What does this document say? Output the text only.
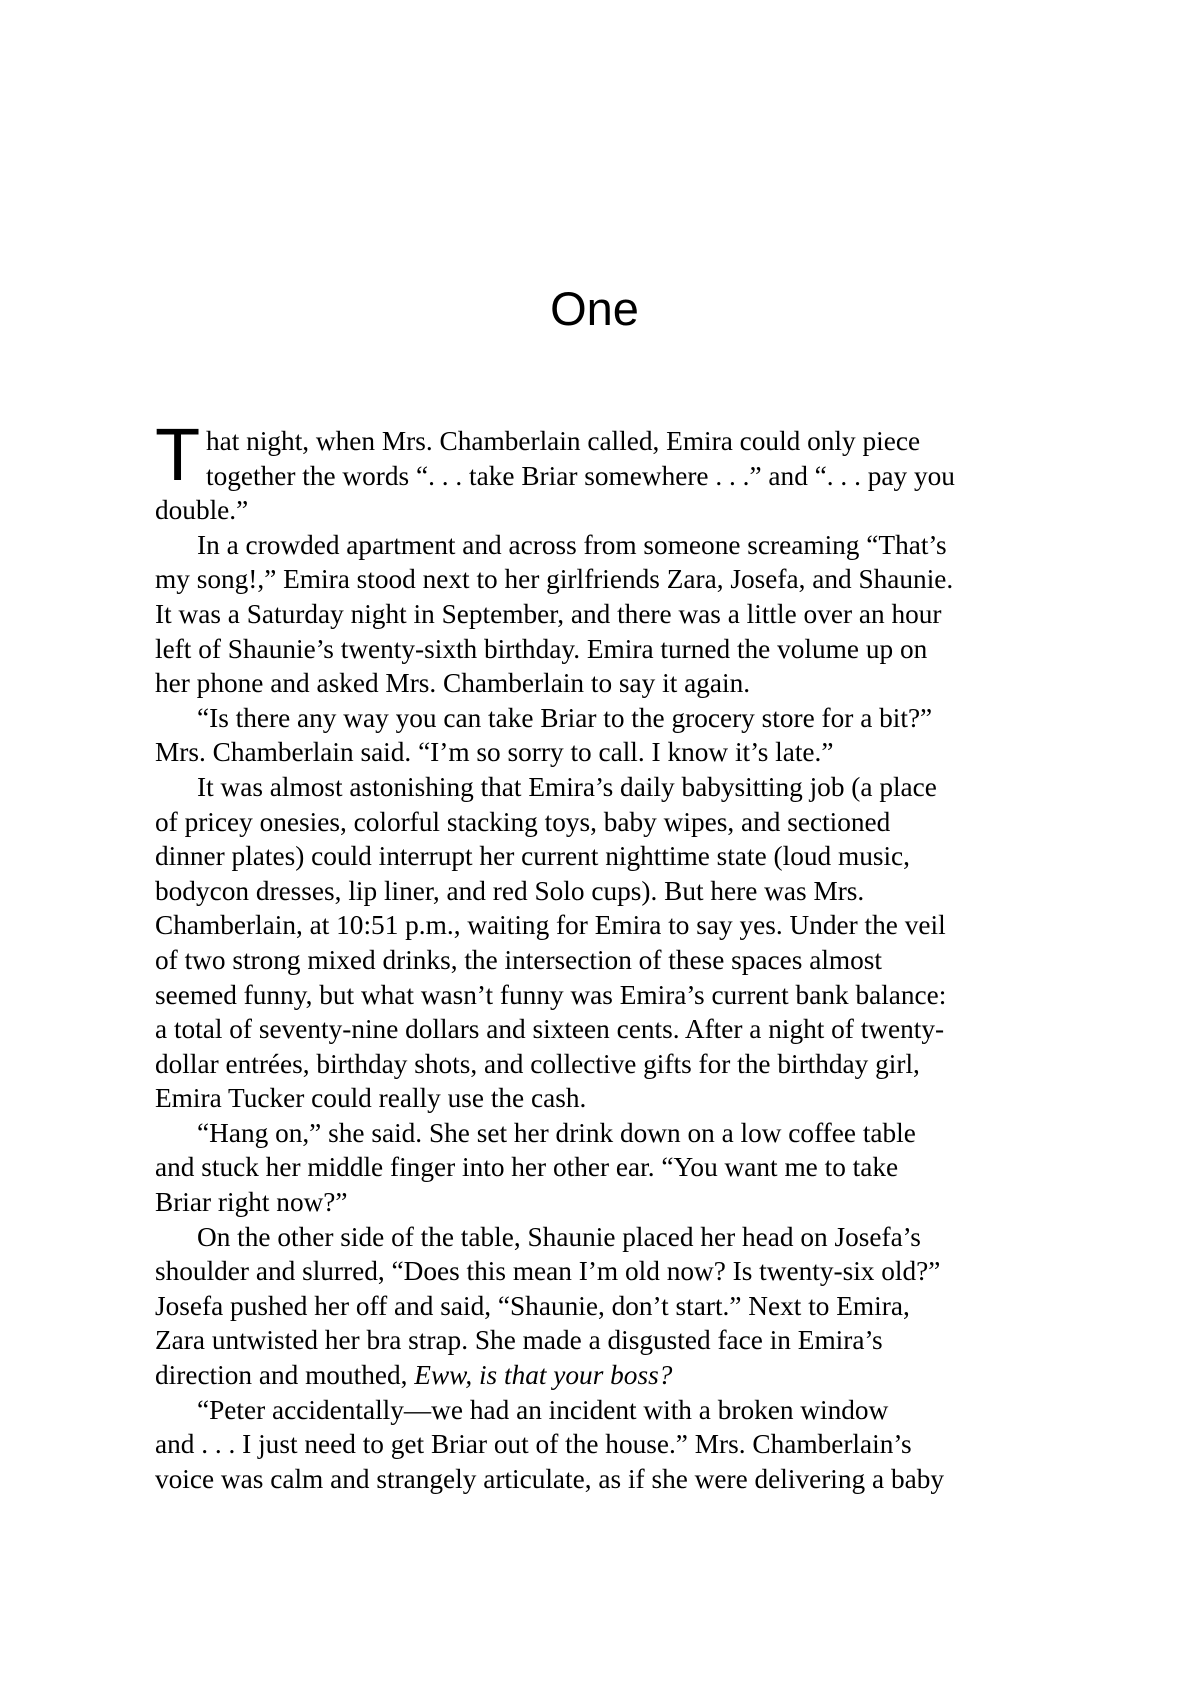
One
T hat night, when Mrs. Chamberlain called, Emira could only piece
together the words “. . . take Briar somewhere . . .” and “. . . pay you
double.”
In a crowded apartment and across from someone screaming “That’s
my song!,” Emira stood next to her girlfriends Zara, Josefa, and Shaunie.
It was a Saturday night in September, and there was a little over an hour
left of Shaunie’s twenty-sixth birthday. Emira turned the volume up on
her phone and asked Mrs. Chamberlain to say it again.
“Is there any way you can take Briar to the grocery store for a bit?”
Mrs. Chamberlain said. “I’m so sorry to call. I know it’s late.”
It was almost astonishing that Emira’s daily babysitting job (a place
of pricey onesies, colorful stacking toys, baby wipes, and sectioned
dinner plates) could interrupt her current nighttime state (loud music,
bodycon dresses, lip liner, and red Solo cups). But here was Mrs.
Chamberlain, at 10:51 p.m., waiting for Emira to say yes. Under the veil
of two strong mixed drinks, the intersection of these spaces almost
seemed funny, but what wasn’t funny was Emira’s current bank balance:
a total of seventy-nine dollars and sixteen cents. After a night of twenty-
dollar entrées, birthday shots, and collective gifts for the birthday girl,
Emira Tucker could really use the cash.
“Hang on,” she said. She set her drink down on a low coffee table
and stuck her middle finger into her other ear. “You want me to take
Briar right now?”
On the other side of the table, Shaunie placed her head on Josefa’s
shoulder and slurred, “Does this mean I’m old now? Is twenty-six old?”
Josefa pushed her off and said, “Shaunie, don’t start.” Next to Emira,
Zara untwisted her bra strap. She made a disgusted face in Emira’s
direction and mouthed, Eww, is that your boss?
“Peter accidentally—we had an incident with a broken window
and . . . I just need to get Briar out of the house.” Mrs. Chamberlain’s
voice was calm and strangely articulate, as if she were delivering a baby
